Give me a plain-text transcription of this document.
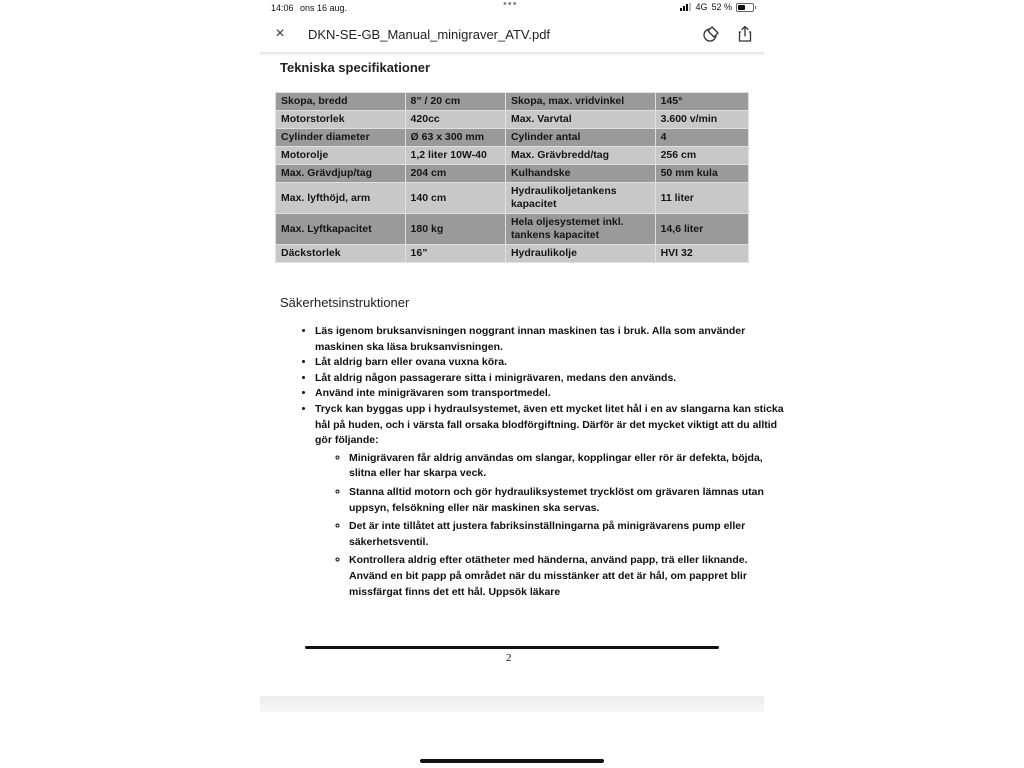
14:06 ons 16 aug.	•••	4G 52 %
× DKN-SE-GB_Manual_minigraver_ATV.pdf
Tekniska specifikationer
Skopa, bredd	8” / 20 cm	Skopa, max. vridvinkel	145°
Motorstorlek	420cc	Max. Varvtal	3.600 v/min
Cylinder diameter	Ø 63 x 300 mm	Cylinder antal	4
Motorolje	1,2 liter 10W-40	Max. Grävbredd/tag	256 cm
Max. Grävdjup/tag	204 cm	Kulhandske	50 mm kula
Max. lyfthöjd, arm	140 cm	Hydraulikoljetankens kapacitet	11 liter
Max. Lyftkapacitet	180 kg	Hela oljesystemet inkl. tankens kapacitet	14,6 liter
Däckstorlek	16”	Hydraulikolje	HVI 32
Säkerhetsinstruktioner
• Läs igenom bruksanvisningen noggrant innan maskinen tas i bruk. Alla som använder maskinen ska läsa bruksanvisningen.
• Låt aldrig barn eller ovana vuxna köra.
• Låt aldrig någon passagerare sitta i minigrävaren, medans den används.
• Använd inte minigrävaren som transportmedel.
• Tryck kan byggas upp i hydraulsystemet, även ett mycket litet hål i en av slangarna kan sticka hål på huden, och i värsta fall orsaka blodförgiftning. Därför är det mycket viktigt att du alltid gör följande:
◦ Minigrävaren får aldrig användas om slangar, kopplingar eller rör är defekta, böjda, slitna eller har skarpa veck.
◦ Stanna alltid motorn och gör hydrauliksystemet trycklöst om grävaren lämnas utan uppsyn, felsökning eller när maskinen ska servas.
◦ Det är inte tillåtet att justera fabriksinställningarna på minigrävarens pump eller säkerhetsventil.
◦ Kontrollera aldrig efter otätheter med händerna, använd papp, trä eller liknande. Använd en bit papp på området när du misstänker att det är hål, om pappret blir missfärgat finns det ett hål. Uppsök läkare
2
